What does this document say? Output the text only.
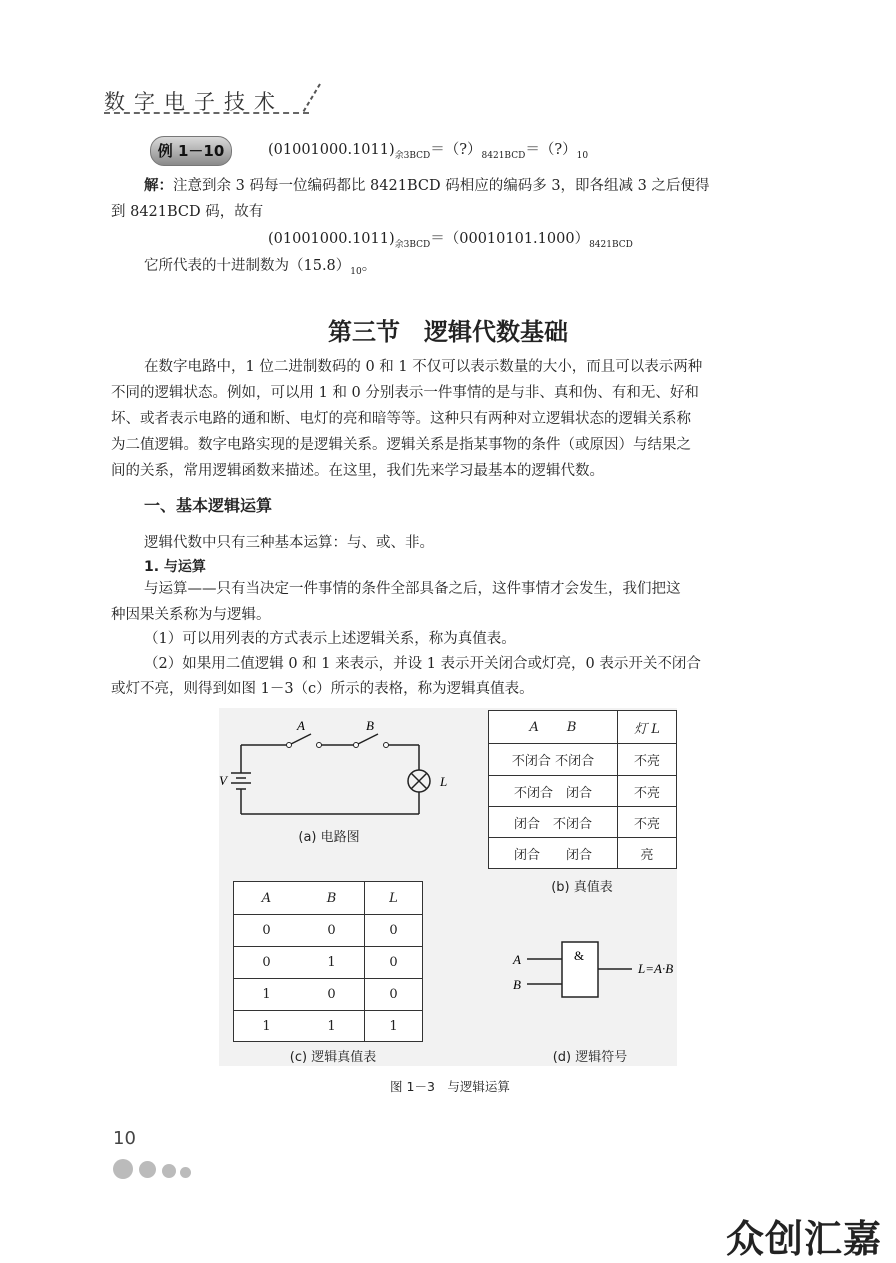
数字电子技术
例 1－10	$(01001000.1011)_{余3BCD}=(?)_{8421BCD}=(?)_{10}$
解：注意到余 3 码每一位编码都比 8421BCD 码相应的编码多 3，即各组减 3 之后便得
到 8421BCD 码，故有
$(01001000.1011)_{余3BCD}=(00010101.1000)_{8421BCD}$
它所代表的十进制数为$(15.8)_{10}$。
第三节　逻辑代数基础
在数字电路中，1 位二进制数码的 0 和 1 不仅可以表示数量的大小，而且可以表示两种
不同的逻辑状态。例如，可以用 1 和 0 分别表示一件事情的是与非、真和伪、有和无、好和
坏、或者表示电路的通和断、电灯的亮和暗等等。这种只有两种对立逻辑状态的逻辑关系称
为二值逻辑。数字电路实现的是逻辑关系。逻辑关系是指某事物的条件（或原因）与结果之
间的关系，常用逻辑函数来描述。在这里，我们先来学习最基本的逻辑代数。
一、基本逻辑运算
逻辑代数中只有三种基本运算：与、或、非。
1. 与运算
与运算——只有当决定一件事情的条件全部具备之后，这件事情才会发生，我们把这
种因果关系称为与逻辑。
（1）可以用列表的方式表示上述逻辑关系，称为真值表。
（2）如果用二值逻辑 0 和 1 来表示，并设 1 表示开关闭合或灯亮，0 表示开关不闭合
或灯不亮，则得到如图 1－3（c）所示的表格，称为逻辑真值表。
A	B
V	L
(a) 电路图
A B	灯 L
不闭合 不闭合	不亮
不闭合　 闭合	不亮
闭合　 不闭合	不亮
闭合　　 闭合	亮
(b) 真值表
A	B	L
0	0	0
0	1	0
1	0	0
1	1	1
(c) 逻辑真值表
A
B
&
L=A·B
(d) 逻辑符号
图 1－3　与逻辑运算
10
众创汇嘉
